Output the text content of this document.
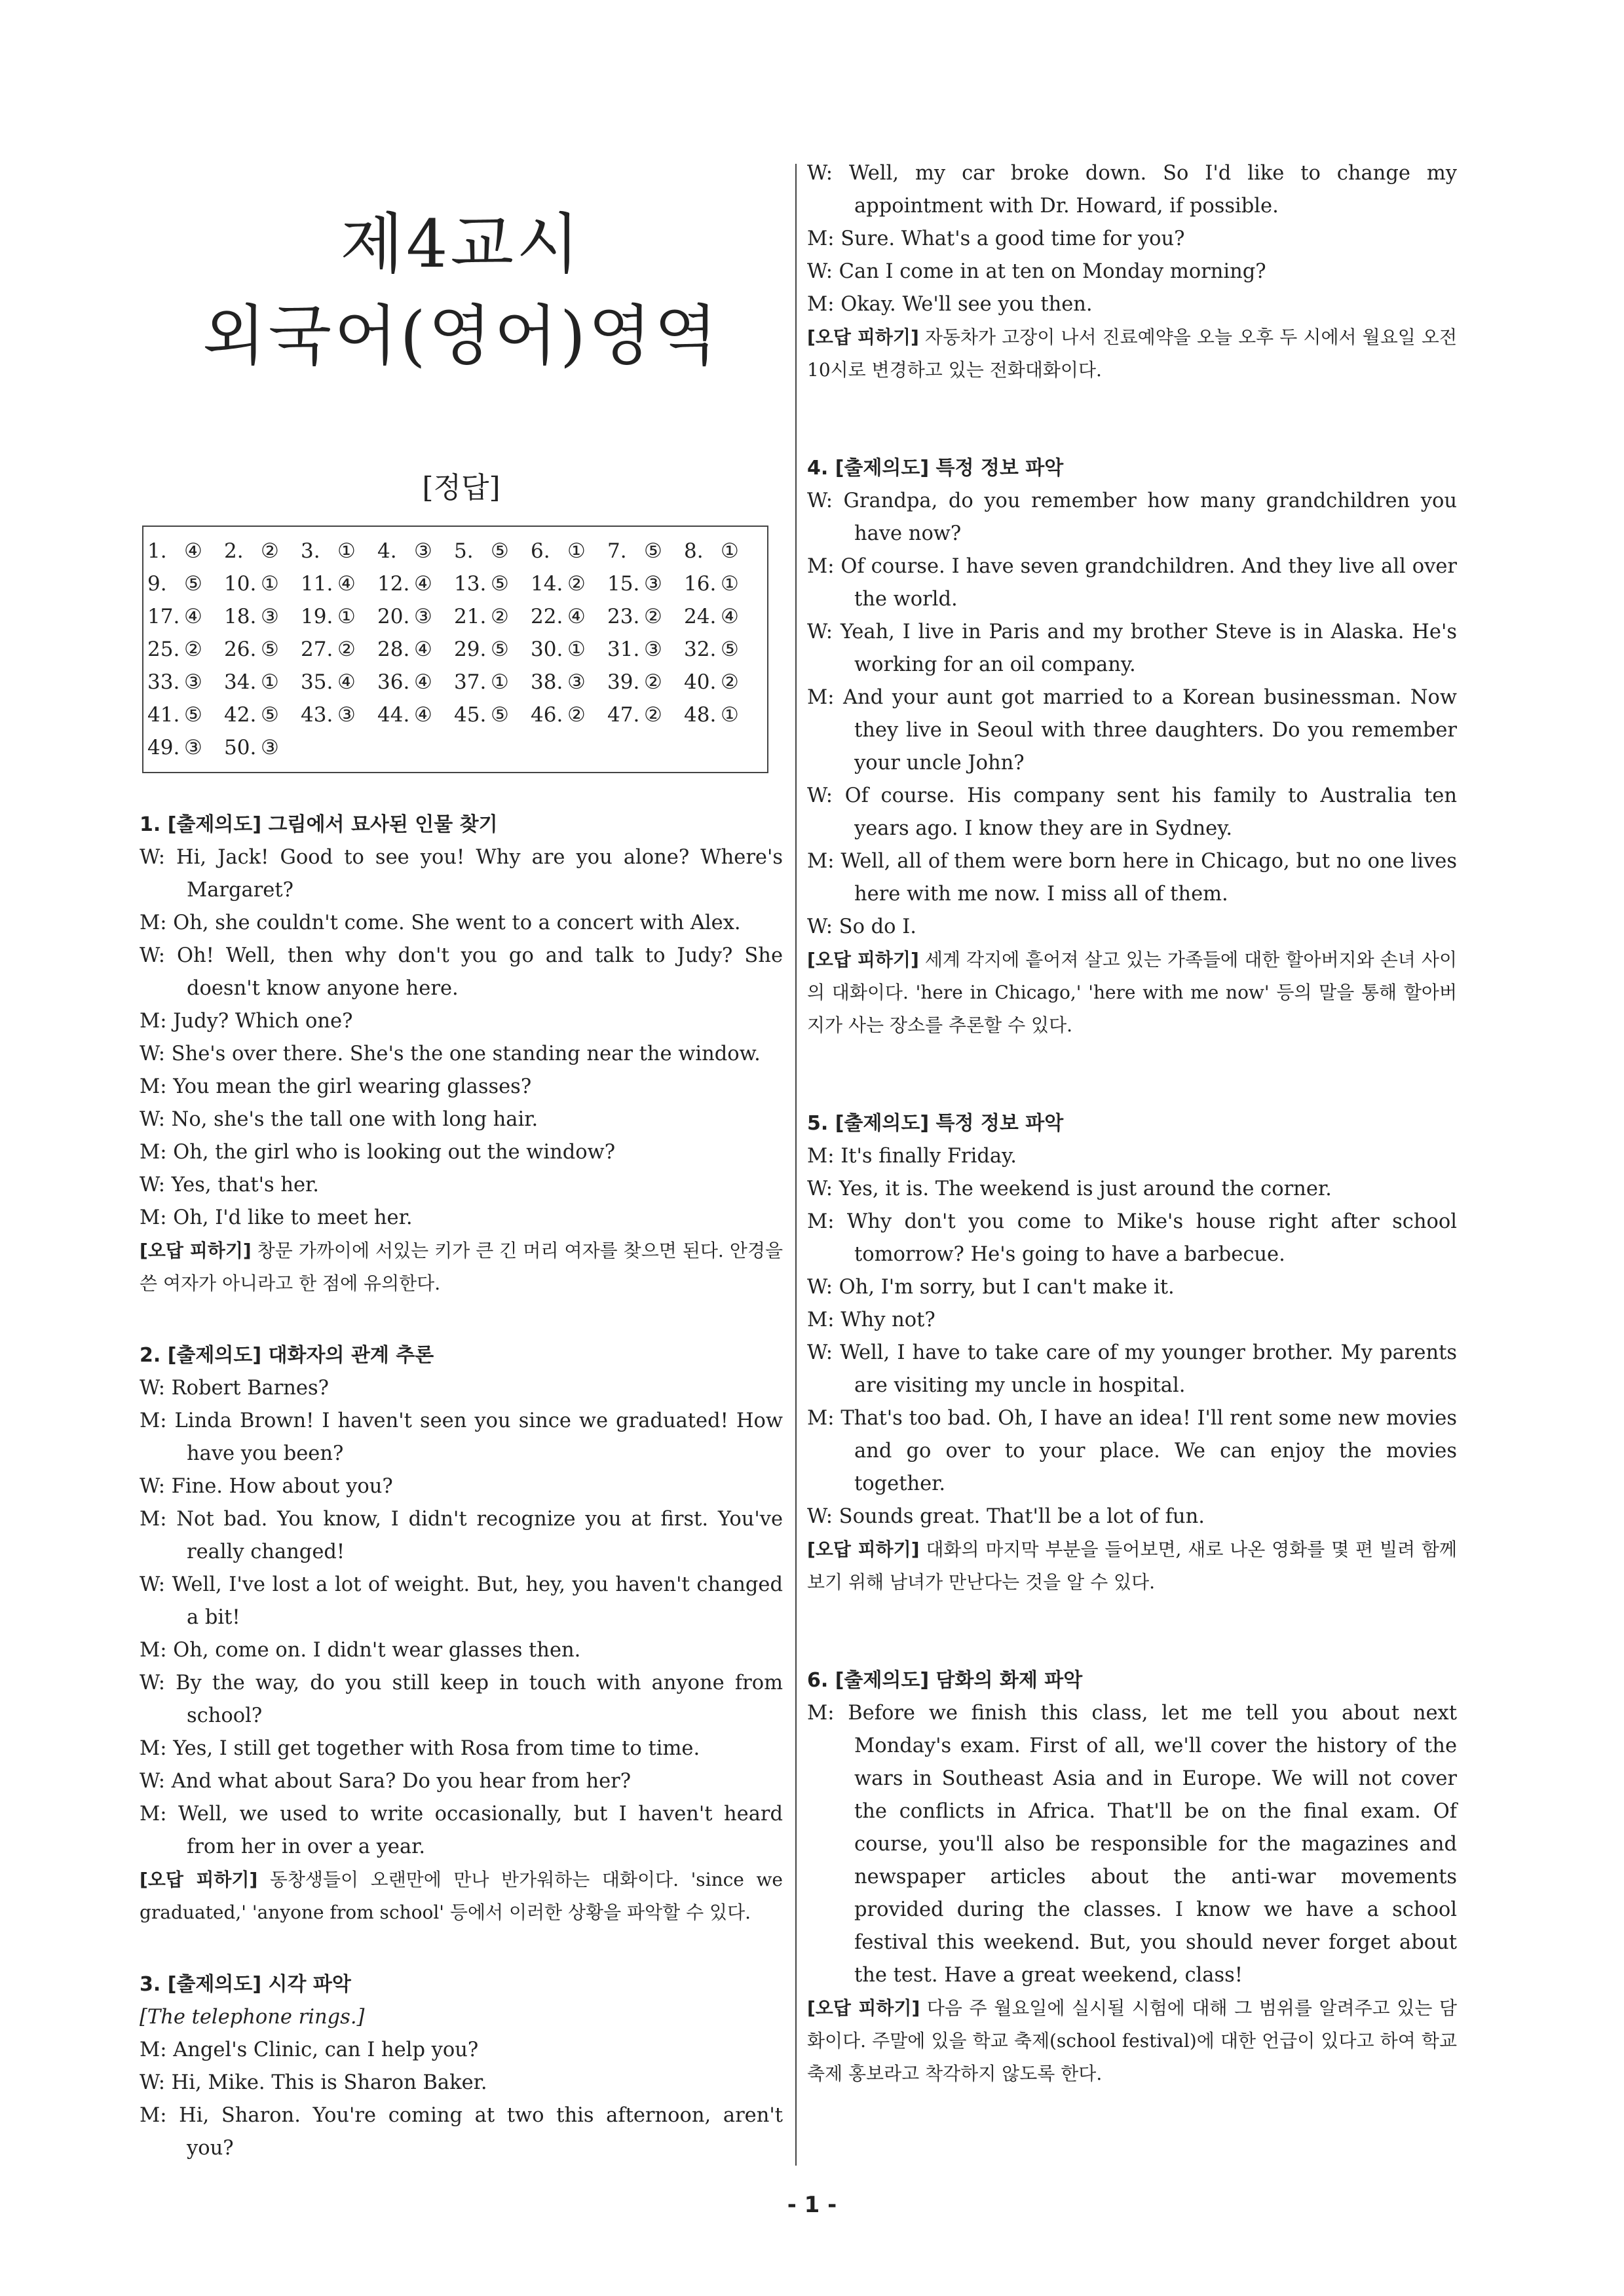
제4교시
외국어(영어)영역
[정답]
1. ④ 2. ② 3. ① 4. ③ 5. ⑤ 6. ① 7. ⑤ 8. ①
9. ⑤ 10. ① 11. ④ 12. ④ 13. ⑤ 14. ② 15. ③ 16. ①
17. ④ 18. ③ 19. ① 20. ③ 21. ② 22. ④ 23. ② 24. ④
25. ② 26. ⑤ 27. ② 28. ④ 29. ⑤ 30. ① 31. ③ 32. ⑤
33. ③ 34. ① 35. ④ 36. ④ 37. ① 38. ③ 39. ② 40. ②
41. ⑤ 42. ⑤ 43. ③ 44. ④ 45. ⑤ 46. ② 47. ② 48. ①
49. ③ 50. ③
1. [출제의도] 그림에서 묘사된 인물 찾기
W: Hi, Jack! Good to see you! Why are you alone? Where's Margaret?
M: Oh, she couldn't come. She went to a concert with Alex.
W: Oh! Well, then why don't you go and talk to Judy? She doesn't know anyone here.
M: Judy? Which one?
W: She's over there. She's the one standing near the window.
M: You mean the girl wearing glasses?
W: No, she's the tall one with long hair.
M: Oh, the girl who is looking out the window?
W: Yes, that's her.
M: Oh, I'd like to meet her.
[오답 피하기] 창문 가까이에 서있는 키가 큰 긴 머리 여자를 찾으면 된다. 안경을 쓴 여자가 아니라고 한 점에 유의한다.
2. [출제의도] 대화자의 관계 추론
W: Robert Barnes?
M: Linda Brown! I haven't seen you since we graduated! How have you been?
W: Fine. How about you?
M: Not bad. You know, I didn't recognize you at first. You've really changed!
W: Well, I've lost a lot of weight. But, hey, you haven't changed a bit!
M: Oh, come on. I didn't wear glasses then.
W: By the way, do you still keep in touch with anyone from school?
M: Yes, I still get together with Rosa from time to time.
W: And what about Sara? Do you hear from her?
M: Well, we used to write occasionally, but I haven't heard from her in over a year.
[오답 피하기] 동창생들이 오랜만에 만나 반가워하는 대화이다. 'since we graduated,' 'anyone from school' 등에서 이러한 상황을 파악할 수 있다.
3. [출제의도] 시각 파악
[The telephone rings.]
M: Angel's Clinic, can I help you?
W: Hi, Mike. This is Sharon Baker.
M: Hi, Sharon. You're coming at two this afternoon, aren't you?
W: Well, my car broke down. So I'd like to change my appointment with Dr. Howard, if possible.
M: Sure. What's a good time for you?
W: Can I come in at ten on Monday morning?
M: Okay. We'll see you then.
[오답 피하기] 자동차가 고장이 나서 진료예약을 오늘 오후 두 시에서 월요일 오전 10시로 변경하고 있는 전화대화이다.
4. [출제의도] 특정 정보 파악
W: Grandpa, do you remember how many grandchildren you have now?
M: Of course. I have seven grandchildren. And they live all over the world.
W: Yeah, I live in Paris and my brother Steve is in Alaska. He's working for an oil company.
M: And your aunt got married to a Korean businessman. Now they live in Seoul with three daughters. Do you remember your uncle John?
W: Of course. His company sent his family to Australia ten years ago. I know they are in Sydney.
M: Well, all of them were born here in Chicago, but no one lives here with me now. I miss all of them.
W: So do I.
[오답 피하기] 세계 각지에 흩어져 살고 있는 가족들에 대한 할아버지와 손녀 사이의 대화이다. 'here in Chicago,' 'here with me now' 등의 말을 통해 할아버지가 사는 장소를 추론할 수 있다.
5. [출제의도] 특정 정보 파악
M: It's finally Friday.
W: Yes, it is. The weekend is just around the corner.
M: Why don't you come to Mike's house right after school tomorrow? He's going to have a barbecue.
W: Oh, I'm sorry, but I can't make it.
M: Why not?
W: Well, I have to take care of my younger brother. My parents are visiting my uncle in hospital.
M: That's too bad. Oh, I have an idea! I'll rent some new movies and go over to your place. We can enjoy the movies together.
W: Sounds great. That'll be a lot of fun.
[오답 피하기] 대화의 마지막 부분을 들어보면, 새로 나온 영화를 몇 편 빌려 함께 보기 위해 남녀가 만난다는 것을 알 수 있다.
6. [출제의도] 담화의 화제 파악
M: Before we finish this class, let me tell you about next Monday's exam. First of all, we'll cover the history of the wars in Southeast Asia and in Europe. We will not cover the conflicts in Africa. That'll be on the final exam. Of course, you'll also be responsible for the magazines and newspaper articles about the anti-war movements provided during the classes. I know we have a school festival this weekend. But, you should never forget about the test. Have a great weekend, class!
[오답 피하기] 다음 주 월요일에 실시될 시험에 대해 그 범위를 알려주고 있는 담화이다. 주말에 있을 학교 축제(school festival)에 대한 언급이 있다고 하여 학교 축제 홍보라고 착각하지 않도록 한다.
- 1 -
